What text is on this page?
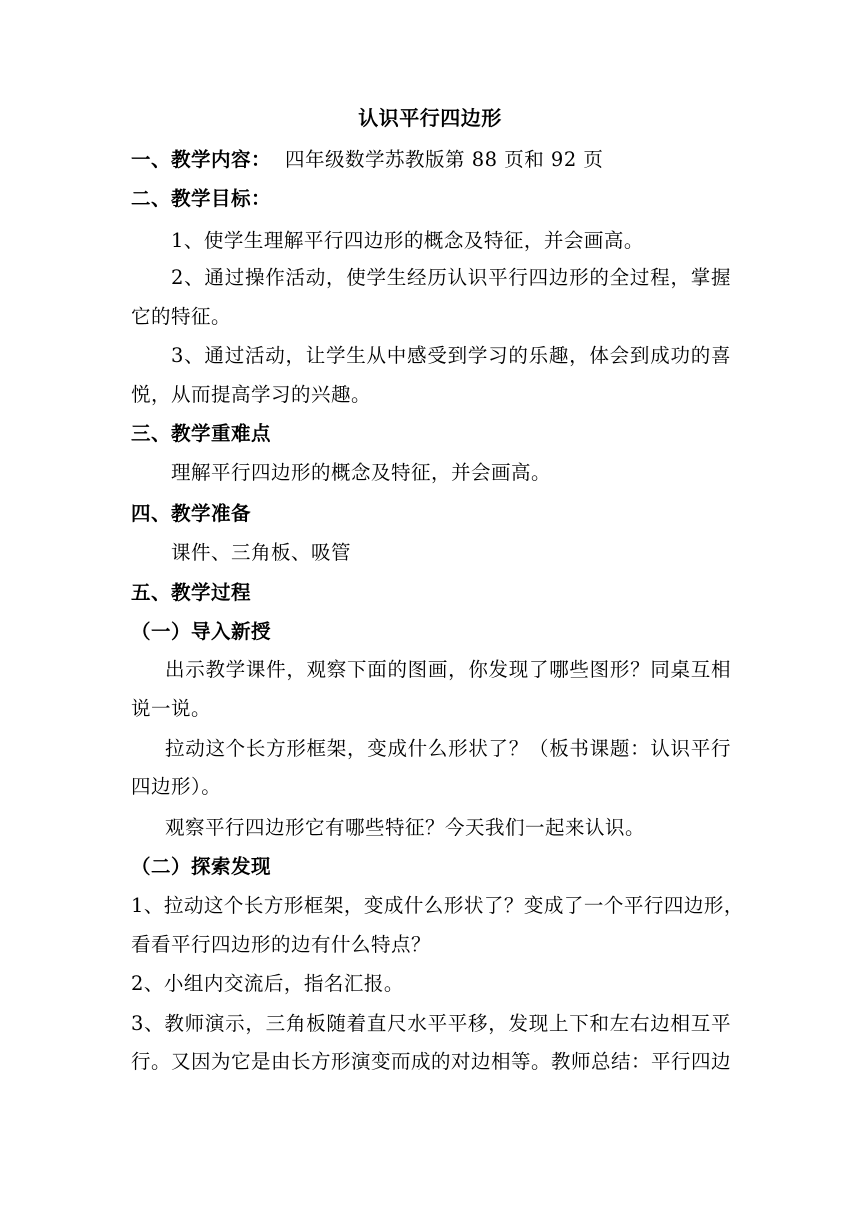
认识平行四边形
一、教学内容： 四年级数学苏教版第 88 页和 92 页
二、教学目标：
1、使学生理解平行四边形的概念及特征，并会画高。
2、通过操作活动，使学生经历认识平行四边形的全过程，掌握
它的特征。
3、通过活动，让学生从中感受到学习的乐趣，体会到成功的喜
悦，从而提高学习的兴趣。
三、教学重难点
理解平行四边形的概念及特征，并会画高。
四、教学准备
课件、三角板、吸管
五、教学过程
（一）导入新授
出示教学课件，观察下面的图画，你发现了哪些图形？同桌互相
说一说。
拉动这个长方形框架，变成什么形状了？（板书课题：认识平行
四边形）。
观察平行四边形它有哪些特征？今天我们一起来认识。
（二）探索发现
1、拉动这个长方形框架，变成什么形状了？变成了一个平行四边形，
看看平行四边形的边有什么特点？
2、小组内交流后，指名汇报。
3、教师演示，三角板随着直尺水平平移，发现上下和左右边相互平
行。又因为它是由长方形演变而成的对边相等。教师总结：平行四边
